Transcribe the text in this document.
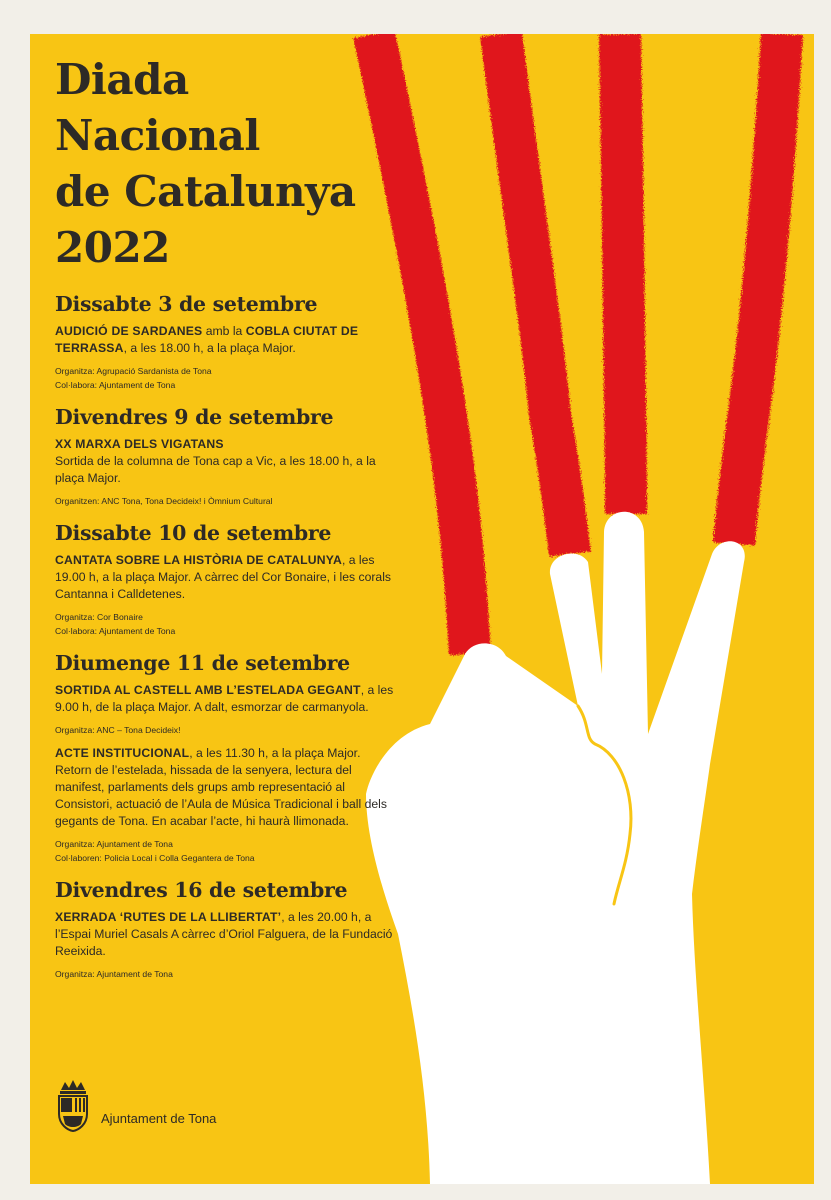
Diada
Nacional
de Catalunya
2022
Dissabte 3 de setembre

AUDICIÓ DE SARDANES amb la COBLA CIUTAT DE TERRASSA, a les 18.00 h, a la plaça Major.

Organitza: Agrupació Sardanista de Tona

Col·labora: Ajuntament de Tona

Divendres 9 de setembre

XX MARXA DELS VIGATANS
Sortida de la columna de Tona cap a Vic, a les 18.00 h, a la plaça Major.

Organitzen: ANC Tona, Tona Decideix! i Òmnium Cultural

Dissabte 10 de setembre

CANTATA SOBRE LA HISTÒRIA DE CATALUNYA, a les 19.00 h, a la plaça Major. A càrrec del Cor Bonaire, i les corals Cantanna i Calldetenes.

Organitza: Cor Bonaire

Col·labora: Ajuntament de Tona

Diumenge 11 de setembre

SORTIDA AL CASTELL AMB L’ESTELADA GEGANT, a les 9.00 h, de la plaça Major. A dalt, esmorzar de carmanyola.

Organitza: ANC – Tona Decideix!

ACTE INSTITUCIONAL, a les 11.30 h, a la plaça Major. Retorn de l’estelada, hissada de la senyera, lectura del manifest, parlaments dels grups amb representació al Consistori, actuació de l’Aula de Música Tradicional i ball dels gegants de Tona. En acabar l’acte, hi haurà llimonada.

Organitza: Ajuntament de Tona

Col·laboren: Policia Local i Colla Gegantera de Tona

Divendres 16 de setembre

XERRADA ‘RUTES DE LA LLIBERTAT’, a les 20.00 h, a l’Espai Muriel Casals A càrrec d’Oriol Falguera, de la Fundació Reeixida.

Organitza: Ajuntament de Tona

Ajuntament de Tona
